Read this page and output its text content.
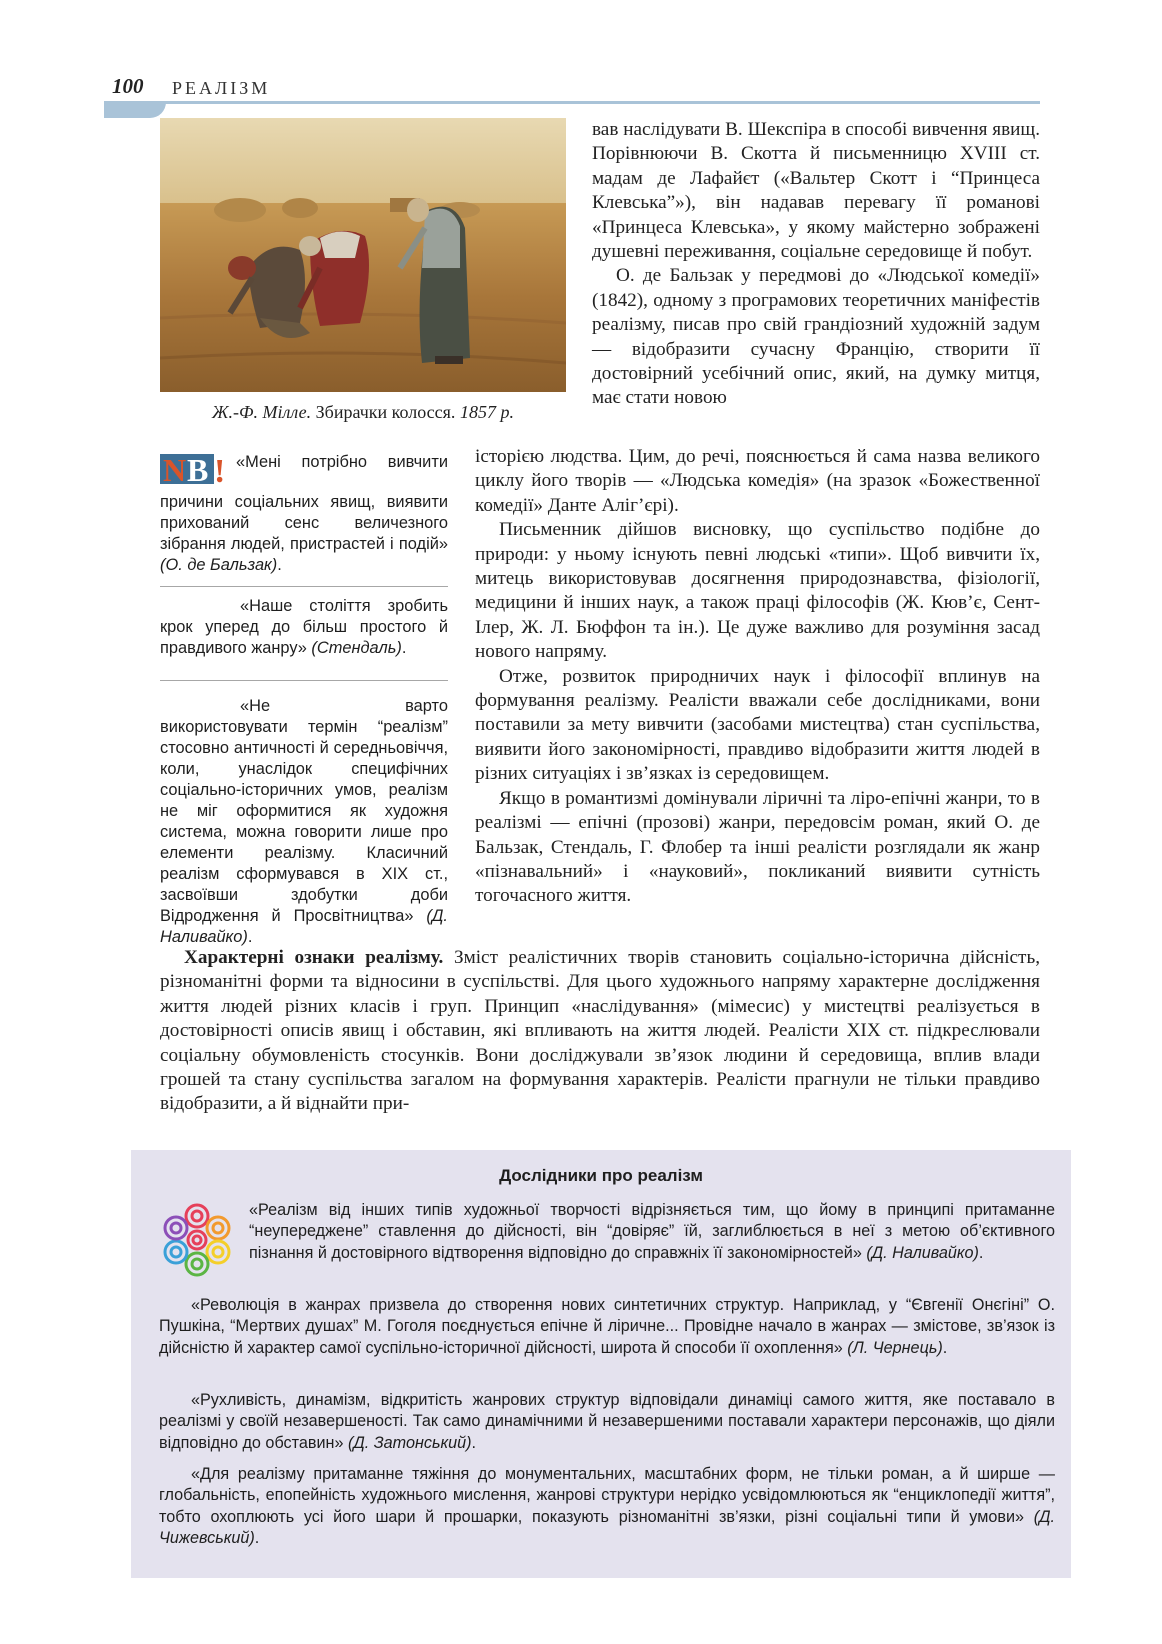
100 РЕАЛІЗМ
Ж.-Ф. Мілле. Збирачки колосся. 1857 р.

вав наслідувати В. Шекспіра в способі вивчення явищ. Порівнюючи В. Скотта й письменницю XVIII ст. мадам де Лафайєт («Вальтер Скотт і “Принцеса Клевська”»), він надавав перевагу її романові «Принцеса Клевська», у якому майстерно зображені душевні переживання, соціальне середовище й побут.

О. де Бальзак у передмові до «Людської комедії» (1842), одному з програмових теоретичних маніфестів реалізму, писав про свій грандіозний художній задум — відобразити сучасну Францію, створити її достовірний усебічний опис, який, на думку митця, має стати новою

історією людства. Цим, до речі, пояснюється й сама назва великого циклу його творів — «Людська комедія» (на зразок «Божественної комедії» Данте Аліг’єрі).

Письменник дійшов висновку, що суспільство подібне до природи: у ньому існують певні людські «типи». Щоб вивчити їх, митець використовував досягнення природознавства, фізіології, медицини й інших наук, а також праці філософів (Ж. Кюв’є, Сент-Ілер, Ж. Л. Бюффон та ін.). Це дуже важливо для розуміння засад нового напряму.

Отже, розвиток природничих наук і філософії вплинув на формування реалізму. Реалісти вважали себе дослідниками, вони поставили за мету вивчити (засобами мистецтва) стан суспільства, виявити його закономірності, правдиво відобразити життя людей в різних ситуаціях і зв’язках із середовищем.

Якщо в романтизмі домінували ліричні та ліро-епічні жанри, то в реалізмі — епічні (прозові) жанри, передовсім роман, який О. де Бальзак, Стендаль, Г. Флобер та інші реалісти розглядали як жанр «пізнавальний» і «науковий», покликаний виявити сутність тогочасного життя.

N B ! «Мені потрібно вивчити причини соціальних явищ, виявити прихований сенс величезного зібрання людей, пристрастей і подій» (О. де Бальзак).

«Наше століття зробить крок уперед до більш простого й правдивого жанру» (Стендаль).

«Не варто використовувати термін “реалізм” стосовно античності й середньовіччя, коли, унаслідок специфічних соціально-історичних умов, реалізм не міг оформитися як художня система, можна говорити лише про елементи реалізму. Класичний реалізм сформувався в XIX ст., засвоївши здобутки доби Відродження й Просвітництва» (Д. Наливайко).

Характерні ознаки реалізму. Зміст реалістичних творів становить соціально-історична дійсність, різноманітні форми та відносини в суспільстві. Для цього художнього напряму характерне дослідження життя людей різних класів і груп. Принцип «наслідування» (мімесис) у мистецтві реалізується в достовірності описів явищ і обставин, які впливають на життя людей. Реалісти XIX ст. підкреслювали соціальну обумовленість стосунків. Вони досліджували зв’язок людини й середовища, вплив влади грошей та стану суспільства загалом на формування характерів. Реалісти прагнули не тільки правдиво відобразити, а й віднайти при-

Дослідники про реалізм

«Реалізм від інших типів художньої творчості відрізняється тим, що йому в принципі притаманне “неупереджене” ставлення до дійсності, він “довіряє” їй, заглиблюється в неї з метою об’єктивного пізнання й достовірного відтворення відповідно до справжніх її закономірностей» (Д. Наливайко).

«Революція в жанрах призвела до створення нових синтетичних структур. Наприклад, у “Євгенії Онєгіні” О. Пушкіна, “Мертвих душах” М. Гоголя поєднується епічне й ліричне... Провідне начало в жанрах — змістове, зв’язок із дійсністю й характер самої суспільно-історичної дійсності, широта й способи її охоплення» (Л. Чернець).

«Рухливість, динамізм, відкритість жанрових структур відповідали динаміці самого життя, яке поставало в реалізмі у своїй незавершеності. Так само динамічними й незавершеними поставали характери персонажів, що діяли відповідно до обставин» (Д. Затонський).

«Для реалізму притаманне тяжіння до монументальних, масштабних форм, не тільки роман, а й ширше — глобальність, епопейність художнього мислення, жанрові структури нерідко усвідомлюються як “енциклопедії життя”, тобто охоплюють усі його шари й прошарки, показують різноманітні зв’язки, різні соціальні типи й умови» (Д. Чижевський).
